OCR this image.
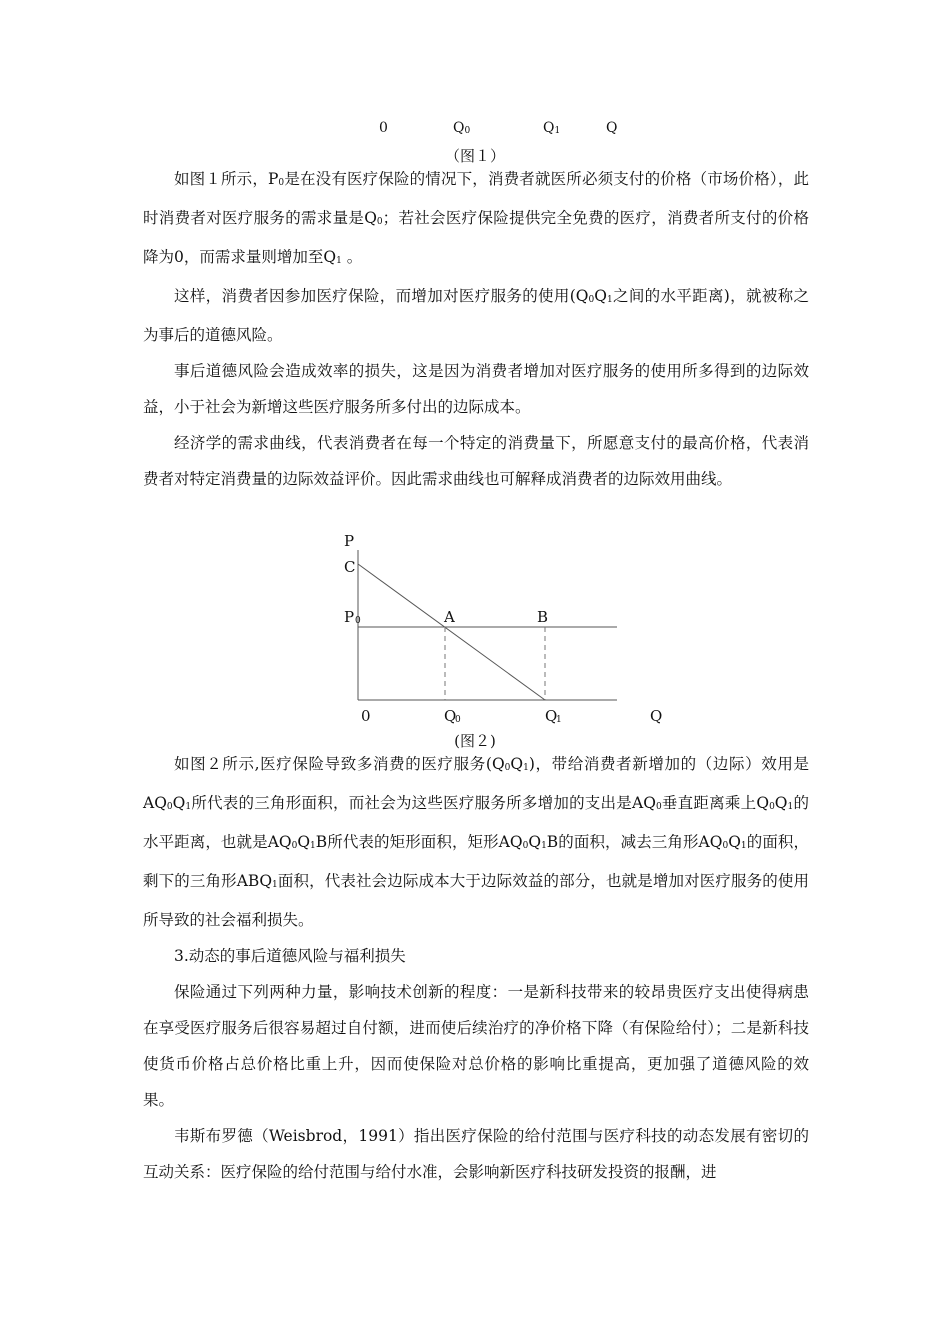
0	$Q_0$	$Q_1$	Q
（图１）

如图１所示，$P_0$是在没有医疗保险的情况下，消费者就医所必须支付的价格（市场价格），此时消费者对医疗服务的需求量是$Q_0$；若社会医疗保险提供完全免费的医疗，消费者所支付的价格降为0，而需求量则增加至$Q_1$ 。

这样，消费者因参加医疗保险，而增加对医疗服务的使用($Q_0Q_1$之间的水平距离)，就被称之为事后的道德风险。

事后道德风险会造成效率的损失，这是因为消费者增加对医疗服务的使用所多得到的边际效益，小于社会为新增这些医疗服务所多付出的边际成本。

经济学的需求曲线，代表消费者在每一个特定的消费量下，所愿意支付的最高价格，代表消费者对特定消费量的边际效益评价。因此需求曲线也可解释成消费者的边际效用曲线。

P
C
P 0	A	B
0	Q
0	Q
1	Q
(图２)

如图２所示,医疗保险导致多消费的医疗服务$(Q_0Q_1)$，带给消费者新增加的（边际）效用是$AQ_0Q_1$所代表的三角形面积，而社会为这些医疗服务所多增加的支出是$AQ_0$垂直距离乘上$Q_0Q_1$的水平距离，也就是$AQ_0Q_1B$所代表的矩形面积，矩形$AQ_0Q_1B$的面积，减去三角形$AQ_0Q_1$的面积，剩下的三角形$ABQ_1$面积，代表社会边际成本大于边际效益的部分，也就是增加对医疗服务的使用所导致的社会福利损失。

3.动态的事后道德风险与福利损失

保险通过下列两种力量，影响技术创新的程度：一是新科技带来的较昂贵医疗支出使得病患在享受医疗服务后很容易超过自付额，进而使后续治疗的净价格下降（有保险给付）；二是新科技使货币价格占总价格比重上升，因而使保险对总价格的影响比重提高，更加强了道德风险的效果。

韦斯布罗德（Weisbrod，1991）指出医疗保险的给付范围与医疗科技的动态发展有密切的互动关系：医疗保险的给付范围与给付水准，会影响新医疗科技研发投资的报酬，进
